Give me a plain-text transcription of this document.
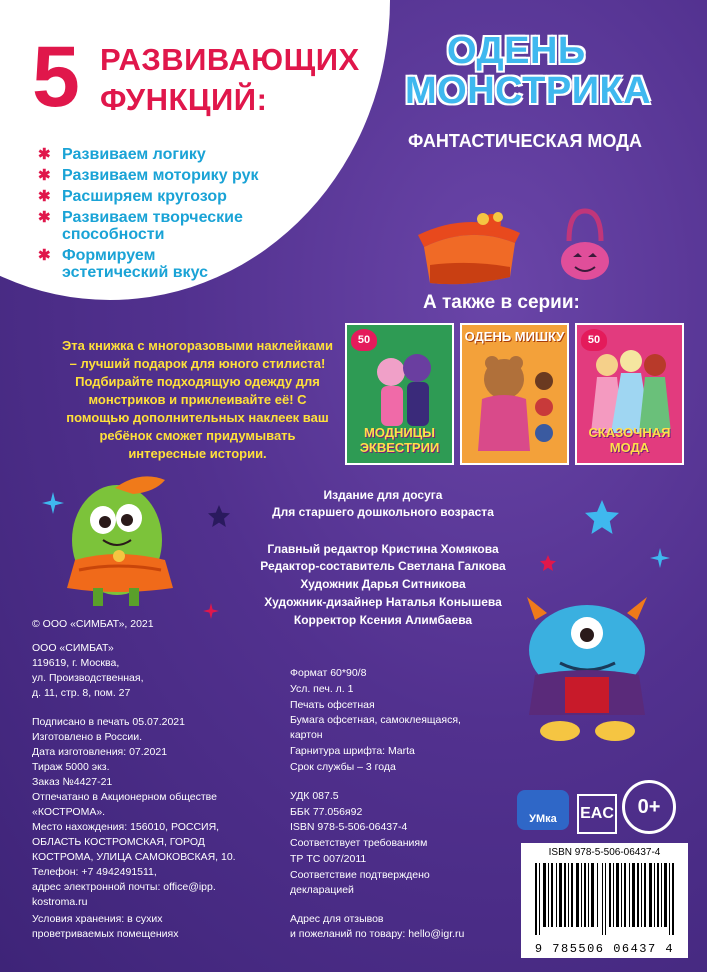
5 РАЗВИВАЮЩИХ
ФУНКЦИЙ:
✱ Развиваем логику
✱ Развиваем моторику рук
✱ Расширяем кругозор
✱ Развиваем творческие способности
✱ Формируем эстетический вкус
ОДЕНЬ
МОНСТРИКА
ФАНТАСТИЧЕСКАЯ МОДА
А также в серии:
50
МОДНИЦЫ ЭКВЕСТРИИ
ОДЕНЬ МИШКУ	50
СКАЗОЧНАЯ МОДА
Эта книжка с многоразовыми наклейками – лучший подарок для юного стилиста! Подбирайте подходящую одежду для монстриков и приклеивайте её! С помощью дополнительных наклеек ваш ребёнок сможет придумывать интересные истории.
Издание для досуга
Для старшего дошкольного возраста
Главный редактор Кристина Хомякова
Редактор-составитель Светлана Галкова
Художник Дарья Ситникова
Художник-дизайнер Наталья Конышева
Корректор Ксения Алимбаева
© ООО «СИМБАТ», 2021
ООО «СИМБАТ»
119619, г. Москва,
ул. Производственная,
д. 11, стр. 8, пом. 27
Подписано в печать 05.07.2021
Изготовлено в России.
Дата изготовления: 07.2021
Тираж 5000 экз.
Заказ №4427-21
Отпечатано в Акционерном обществе
«КОСТРОМА».
Место нахождения: 156010, РОССИЯ,
ОБЛАСТЬ КОСТРОМСКАЯ, ГОРОД
КОСТРОМА, УЛИЦА САМОКОВСКАЯ, 10.
Телефон: +7 4942491511,
адрес электронной почты: office@ipp.
kostroma.ru
Условия хранения: в сухих
проветриваемых помещениях
Формат 60*90/8
Усл. печ. л. 1
Печать офсетная
Бумага офсетная, самоклеящаяся,
картон
Гарнитура шрифта: Marta
Срок службы – 3 года
УДК 087.5
ББК 77.056я92
ISBN 978-5-506-06437-4
Соответствует требованиям
ТР ТС 007/2011
Соответствие подтверждено
декларацией
Адрес для отзывов
и пожеланий по товару: hello@igr.ru
УМка	EAC	0+
ISBN 978-5-506-06437-4
9 785506 06437 4
